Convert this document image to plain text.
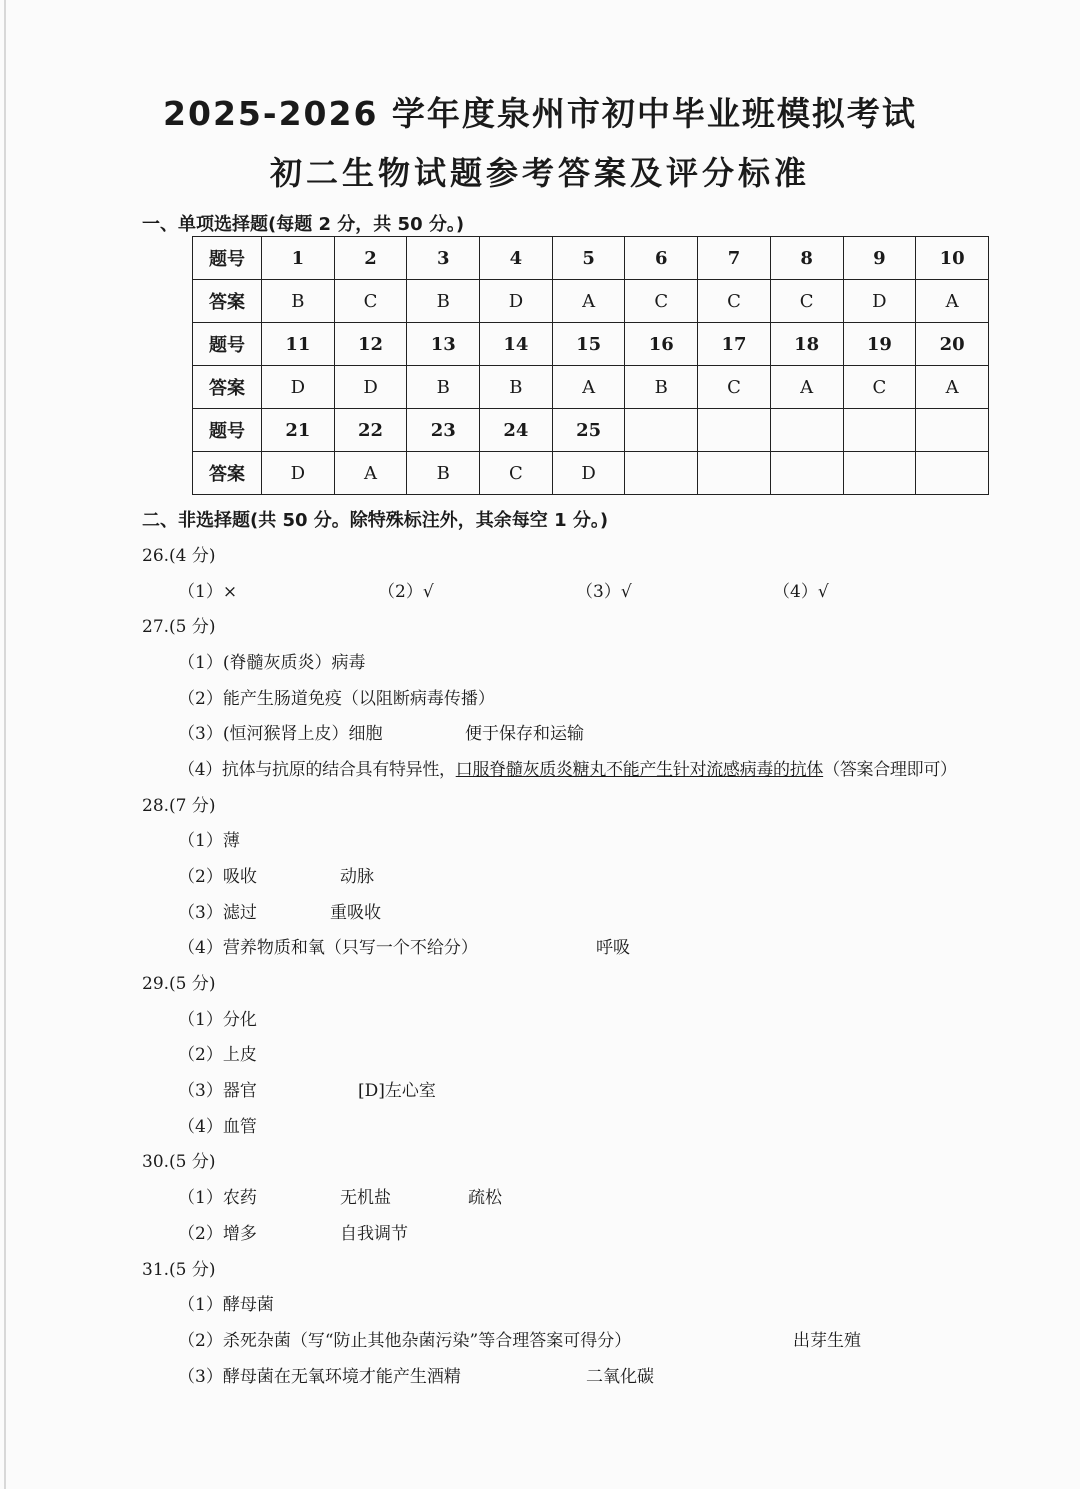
2025-2026 学年度泉州市初中毕业班模拟考试
初二生物试题参考答案及评分标准
一、单项选择题(每题 2 分，共 50 分。)
题号	1	2	3	4	5	6	7	8	9	10
答案	B	C	B	D	A	C	C	C	D	A
题号	11	12	13	14	15	16	17	18	19	20
答案	D	D	B	B	A	B	C	A	C	A
题号	21	22	23	24	25					
答案	D	A	B	C	D					
二、非选择题(共 50 分。除特殊标注外，其余每空 1 分。)
26.(4 分)
（1）×	（2）√	（3）√	（4）√
27.(5 分)
（1）(脊髓灰质炎）病毒
（2）能产生肠道免疫（以阻断病毒传播）
（3）(恒河猴肾上皮）细胞	便于保存和运输
（4）抗体与抗原的结合具有特异性，口服脊髓灰质炎糖丸不能产生针对流感病毒的抗体（答案合理即可）
28.(7 分)
（1）薄
（2）吸收	动脉
（3）滤过	重吸收
（4）营养物质和氧（只写一个不给分）	呼吸
29.(5 分)
（1）分化
（2）上皮
（3）器官	[D]左心室
（4）血管
30.(5 分)
（1）农药	无机盐	疏松
（2）增多	自我调节
31.(5 分)
（1）酵母菌
（2）杀死杂菌（写“防止其他杂菌污染”等合理答案可得分）	出芽生殖
（3）酵母菌在无氧环境才能产生酒精	二氧化碳
